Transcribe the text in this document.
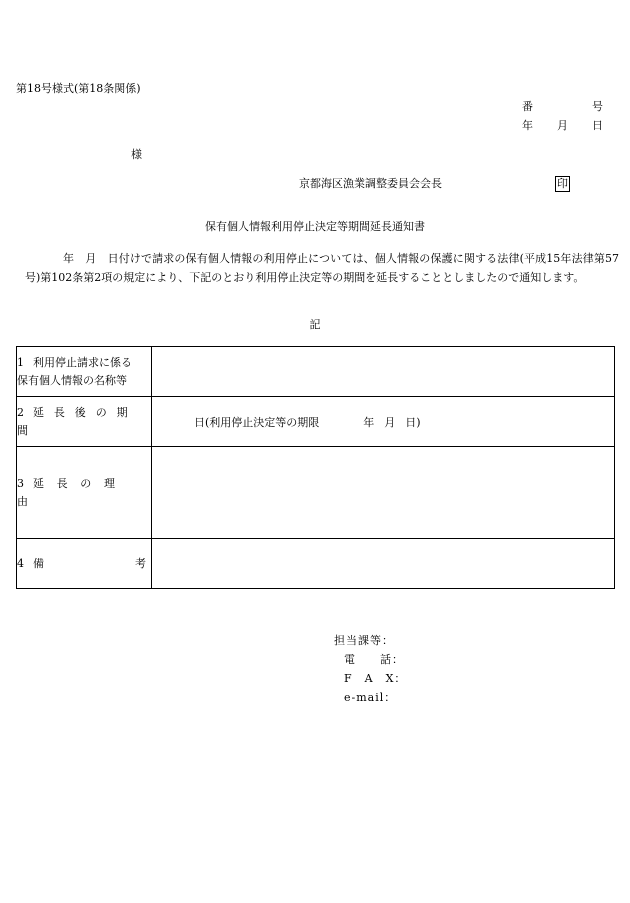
第18号様式(第18条関係)
番	号
年 月 日
様
京都海区漁業調整委員会会長	印
保有個人情報利用停止決定等期間延長通知書
年　月　日付けで請求の保有個人情報の利用停止については、個人情報の保護に関する法律(平成15年法律第57号)第102条第2項の規定により、下記のとおり利用停止決定等の期間を延長することとしましたので通知します。
記
1 利用停止請求に係る
保有個人情報の名称等	

2 延長後の期間	日(利用停止決定等の期限 年 月 日)
3 延長の理由	
4 備 考	
担当課等：
電　　話：
F　A　X：
e-mail：
